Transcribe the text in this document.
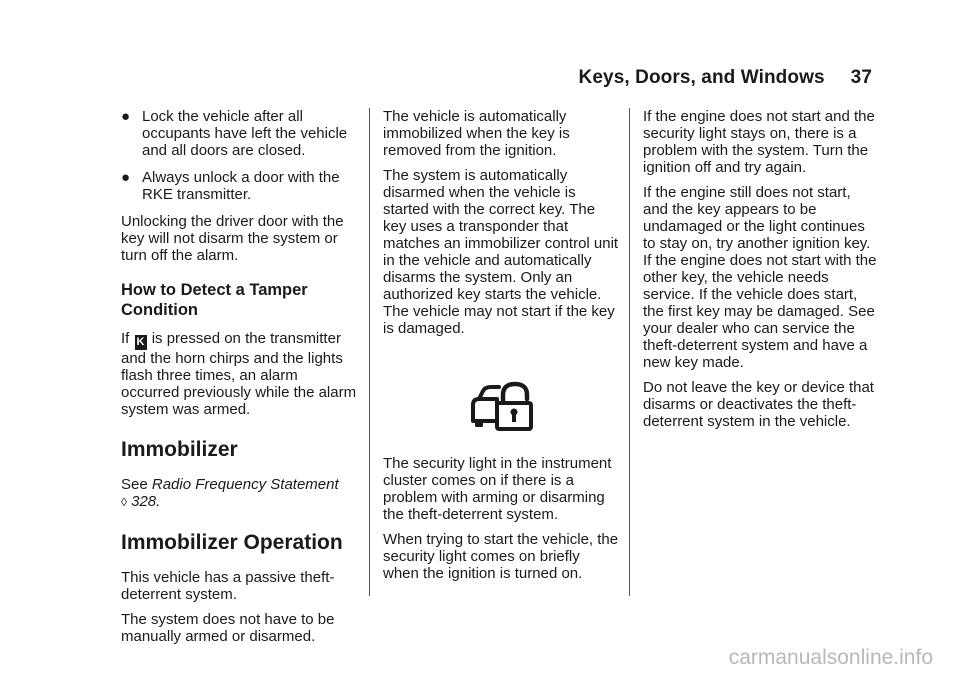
Keys, Doors, and Windows 37
● Lock the vehicle after all occupants have left the vehicle and all doors are closed.
● Always unlock a door with the RKE transmitter.

Unlocking the driver door with the key will not disarm the system or turn off the alarm.

How to Detect a Tamper Condition

If K is pressed on the transmitter and the horn chirps and the lights flash three times, an alarm occurred previously while the alarm system was armed.

Immobilizer

See Radio Frequency Statement
◊ 328.

Immobilizer Operation

This vehicle has a passive theft-deterrent system.

The system does not have to be manually armed or disarmed.

The vehicle is automatically immobilized when the key is removed from the ignition.

The system is automatically disarmed when the vehicle is started with the correct key. The key uses a transponder that matches an immobilizer control unit in the vehicle and automatically disarms the system. Only an authorized key starts the vehicle. The vehicle may not start if the key is damaged.

The security light in the instrument cluster comes on if there is a problem with arming or disarming the theft-deterrent system.

When trying to start the vehicle, the security light comes on briefly when the ignition is turned on.

If the engine does not start and the security light stays on, there is a problem with the system. Turn the ignition off and try again.

If the engine still does not start, and the key appears to be undamaged or the light continues to stay on, try another ignition key. If the engine does not start with the other key, the vehicle needs service. If the vehicle does start, the first key may be damaged. See your dealer who can service the theft-deterrent system and have a new key made.

Do not leave the key or device that disarms or deactivates the theft-deterrent system in the vehicle.

carmanualsonline.info
